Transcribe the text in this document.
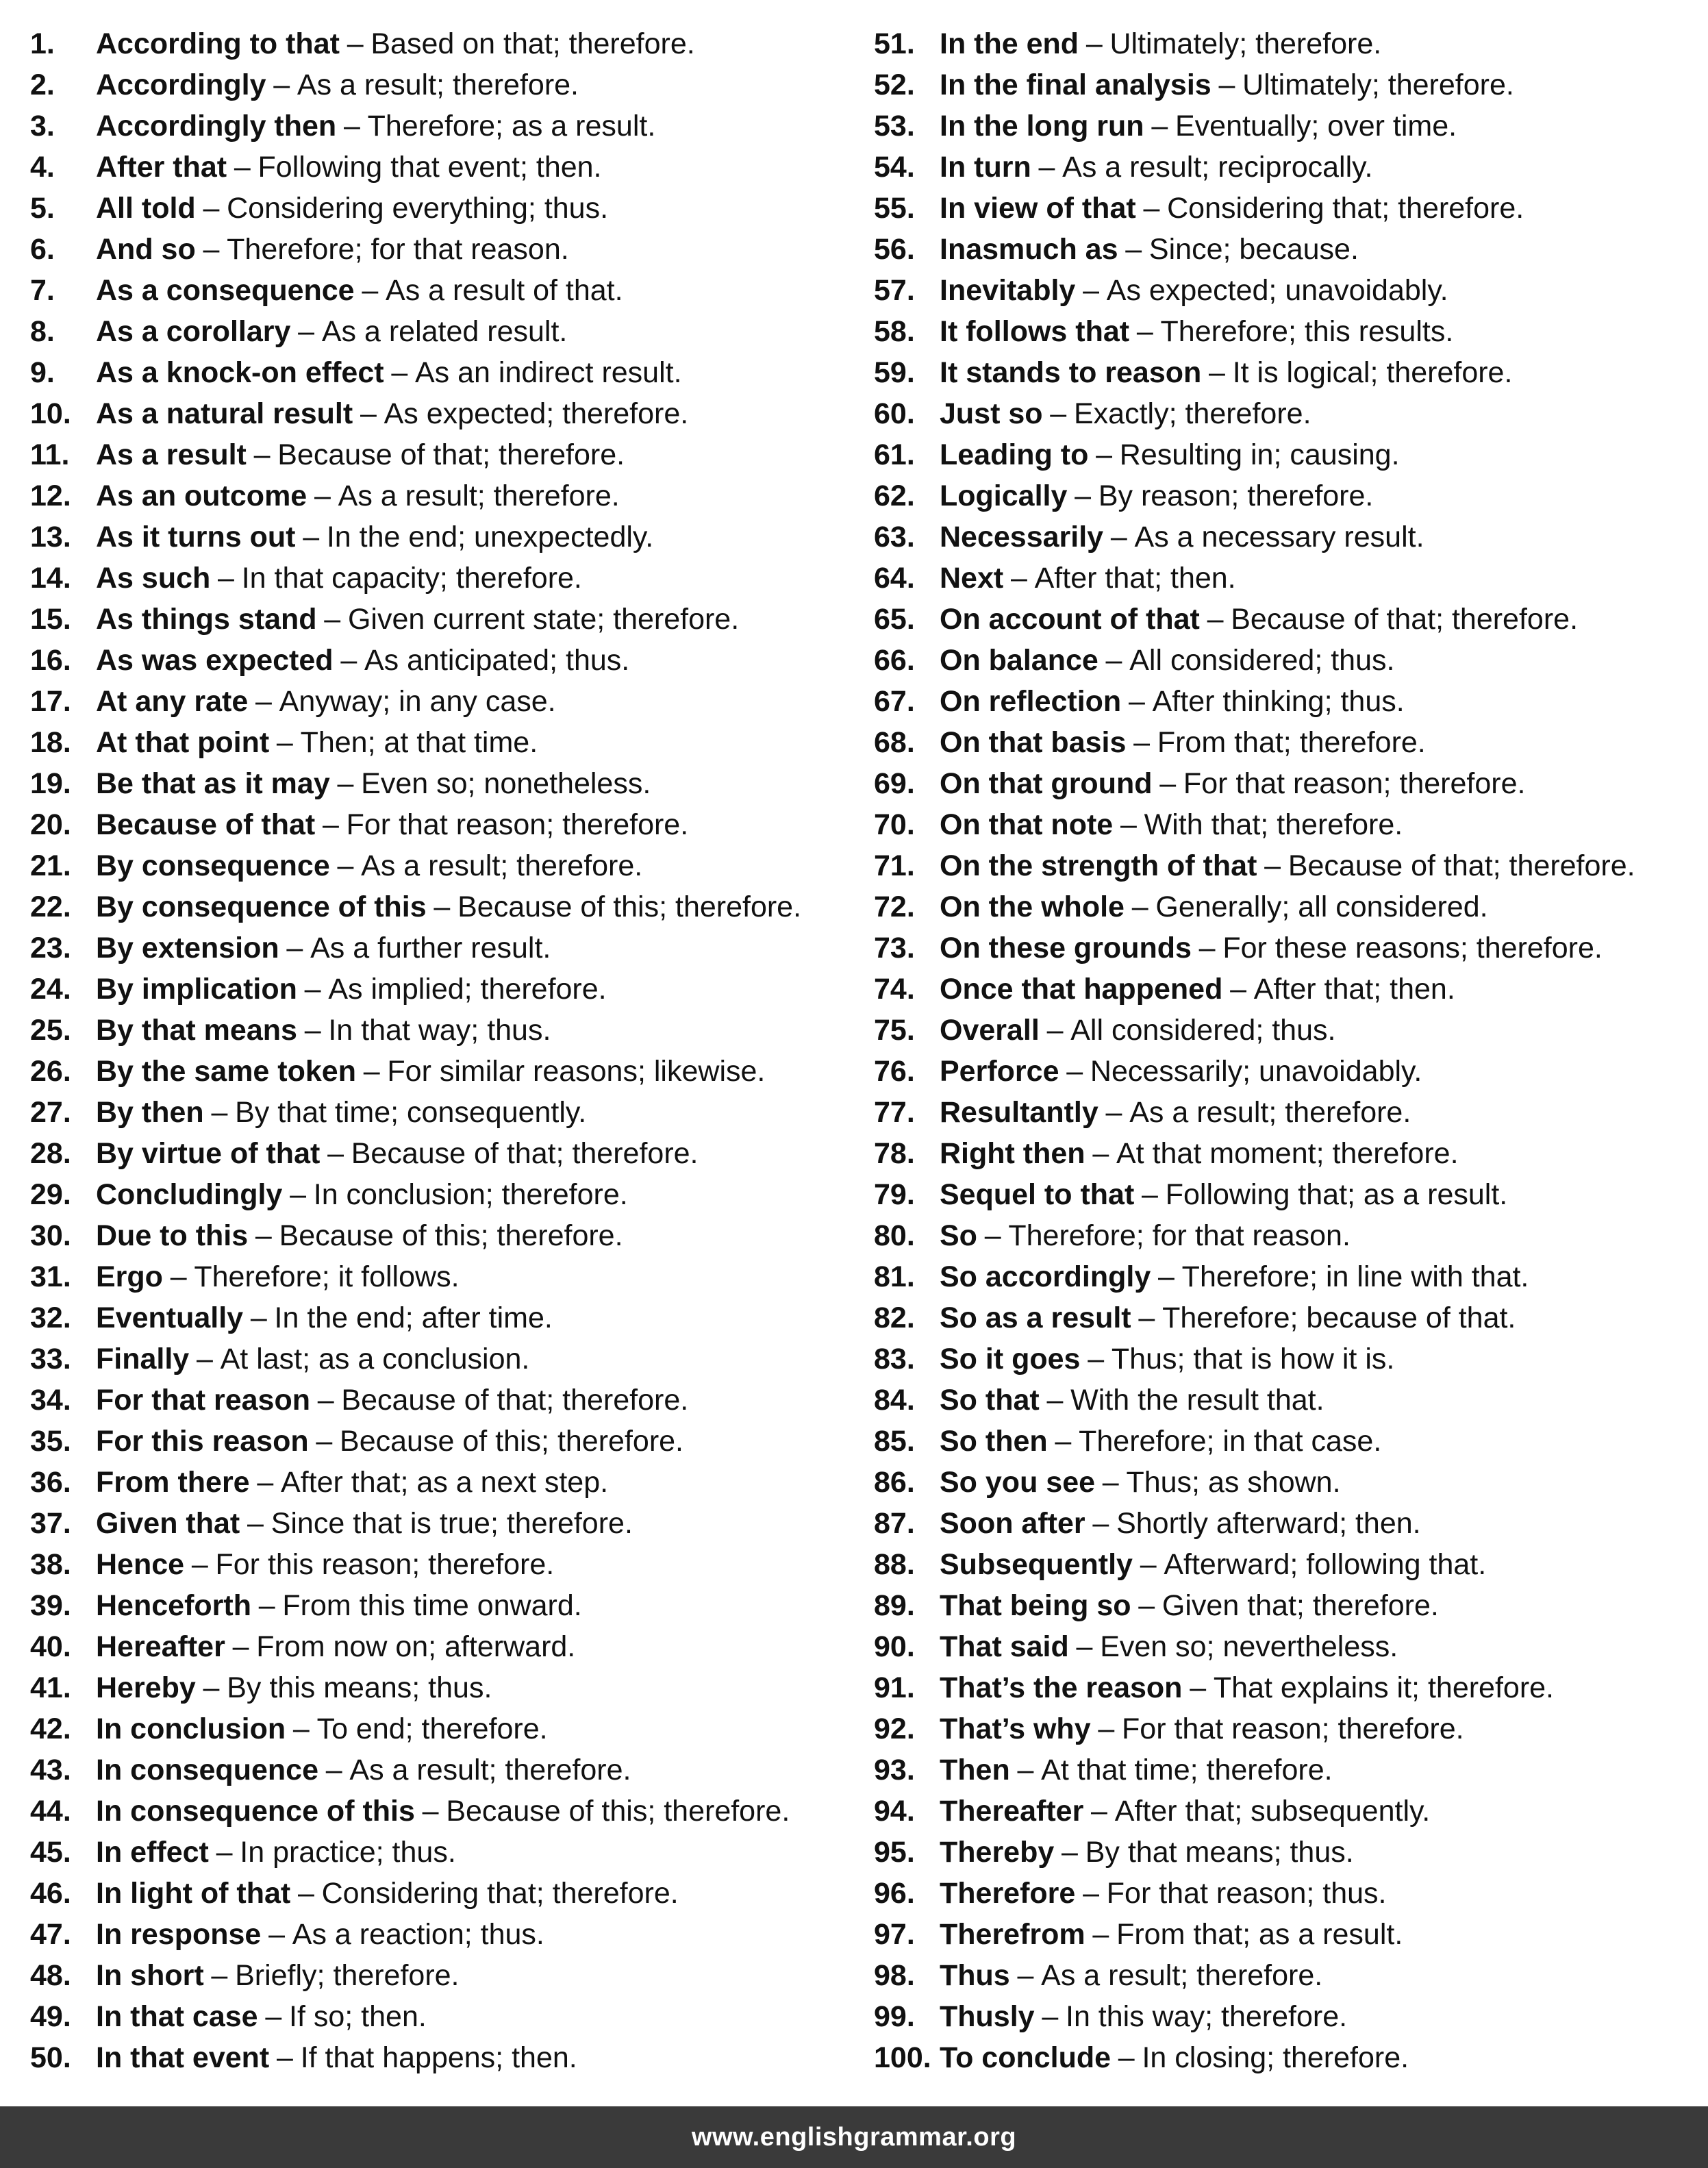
1.	According to that – Based on that; therefore.
2.	Accordingly – As a result; therefore.
3.	Accordingly then – Therefore; as a result.
4.	After that – Following that event; then.
5.	All told – Considering everything; thus.
6.	And so – Therefore; for that reason.
7.	As a consequence – As a result of that.
8.	As a corollary – As a related result.
9.	As a knock-on effect – As an indirect result.
10. As a natural result – As expected; therefore.
11. As a result – Because of that; therefore.
12. As an outcome – As a result; therefore.
13. As it turns out – In the end; unexpectedly.
14. As such – In that capacity; therefore.
15. As things stand – Given current state; therefore.
16. As was expected – As anticipated; thus.
17. At any rate – Anyway; in any case.
18. At that point – Then; at that time.
19. Be that as it may – Even so; nonetheless.
20. Because of that – For that reason; therefore.
21. By consequence – As a result; therefore.
22. By consequence of this – Because of this; therefore.
23. By extension – As a further result.
24. By implication – As implied; therefore.
25. By that means – In that way; thus.
26. By the same token – For similar reasons; likewise.
27. By then – By that time; consequently.
28. By virtue of that – Because of that; therefore.
29. Concludingly – In conclusion; therefore.
30. Due to this – Because of this; therefore.
31. Ergo – Therefore; it follows.
32. Eventually – In the end; after time.
33. Finally – At last; as a conclusion.
34. For that reason – Because of that; therefore.
35. For this reason – Because of this; therefore.
36. From there – After that; as a next step.
37. Given that – Since that is true; therefore.
38. Hence – For this reason; therefore.
39. Henceforth – From this time onward.
40. Hereafter – From now on; afterward.
41. Hereby – By this means; thus.
42. In conclusion – To end; therefore.
43. In consequence – As a result; therefore.
44. In consequence of this – Because of this; therefore.
45. In effect – In practice; thus.
46. In light of that – Considering that; therefore.
47. In response – As a reaction; thus.
48. In short – Briefly; therefore.
49. In that case – If so; then.
50. In that event – If that happens; then.
51. In the end – Ultimately; therefore.
52. In the final analysis – Ultimately; therefore.
53. In the long run – Eventually; over time.
54. In turn – As a result; reciprocally.
55. In view of that – Considering that; therefore.
56. Inasmuch as – Since; because.
57. Inevitably – As expected; unavoidably.
58. It follows that – Therefore; this results.
59. It stands to reason – It is logical; therefore.
60. Just so – Exactly; therefore.
61. Leading to – Resulting in; causing.
62. Logically – By reason; therefore.
63. Necessarily – As a necessary result.
64. Next – After that; then.
65. On account of that – Because of that; therefore.
66. On balance – All considered; thus.
67. On reflection – After thinking; thus.
68. On that basis – From that; therefore.
69. On that ground – For that reason; therefore.
70. On that note – With that; therefore.
71. On the strength of that – Because of that; therefore.
72. On the whole – Generally; all considered.
73. On these grounds – For these reasons; therefore.
74. Once that happened – After that; then.
75. Overall – All considered; thus.
76. Perforce – Necessarily; unavoidably.
77. Resultantly – As a result; therefore.
78. Right then – At that moment; therefore.
79. Sequel to that – Following that; as a result.
80. So – Therefore; for that reason.
81. So accordingly – Therefore; in line with that.
82. So as a result – Therefore; because of that.
83. So it goes – Thus; that is how it is.
84. So that – With the result that.
85. So then – Therefore; in that case.
86. So you see – Thus; as shown.
87. Soon after – Shortly afterward; then.
88. Subsequently – Afterward; following that.
89. That being so – Given that; therefore.
90. That said – Even so; nevertheless.
91. That’s the reason – That explains it; therefore.
92. That’s why – For that reason; therefore.
93. Then – At that time; therefore.
94. Thereafter – After that; subsequently.
95. Thereby – By that means; thus.
96. Therefore – For that reason; thus.
97. Therefrom – From that; as a result.
98. Thus – As a result; therefore.
99. Thusly – In this way; therefore.
100. To conclude – In closing; therefore.
www.englishgrammar.org
